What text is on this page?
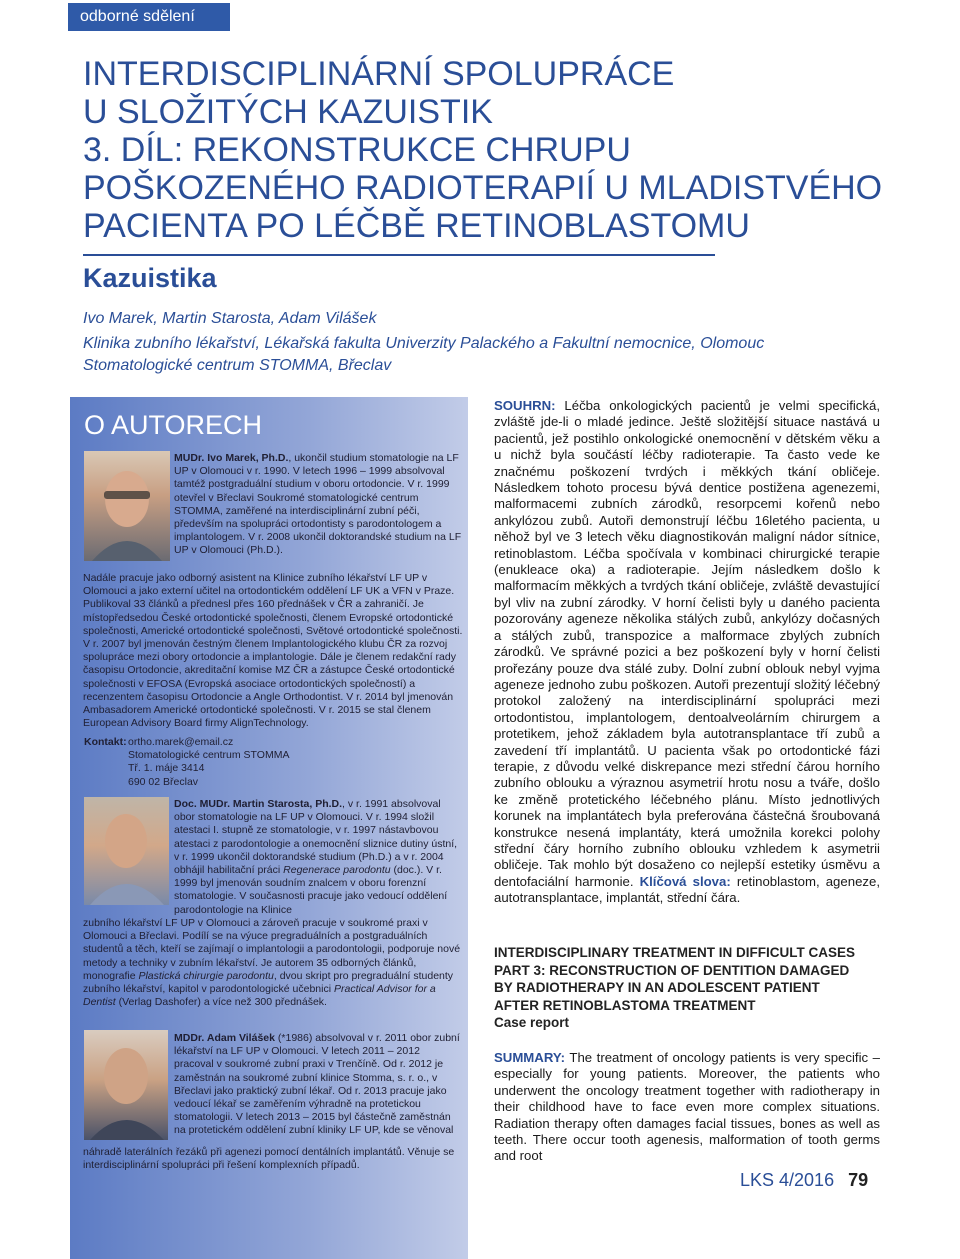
odborné sdělení
INTERDISCIPLINÁRNÍ SPOLUPRÁCE
U SLOŽITÝCH KAZUISTIK
3. DÍL: REKONSTRUKCE CHRUPU
POŠKOZENÉHO RADIOTERAPIÍ U MLADISTVÉHO
PACIENTA PO LÉČBĚ RETINOBLASTOMU
Kazuistika
Ivo Marek, Martin Starosta, Adam Vilášek
Klinika zubního lékařství, Lékařská fakulta Univerzity Palackého a Fakultní nemocnice, Olomouc
Stomatologické centrum STOMMA, Břeclav
O AUTORECH
MUDr. Ivo Marek, Ph.D., ukončil studium stomatologie na LF UP v Olomouci v r. 1990. V letech 1996 – 1999 absolvoval tamtéž postgraduální studium v oboru ortodoncie. V r. 1999 otevřel v Břeclavi Soukromé stomatologické centrum STOMMA, zaměřené na interdisciplinární zubní péči, především na spolupráci ortodontisty s parodontologem a implantologem. V r. 2008 ukončil doktorandské studium na LF UP v Olomouci (Ph.D.).
Nadále pracuje jako odborný asistent na Klinice zubního lékařství LF UP v Olomouci a jako externí učitel na ortodontickém oddělení LF UK a VFN v Praze. Publikoval 33 článků a přednesl přes 160 přednášek v ČR a zahraničí. Je místopředsedou České ortodontické společnosti, členem Evropské ortodontické společnosti, Americké ortodontické společnosti, Světové ortodontické společnosti. V r. 2007 byl jmenován čestným členem Implantologického klubu ČR za rozvoj spolupráce mezi obory ortodoncie a implantologie. Dále je členem redakční rady časopisu Ortodoncie, akreditační komise MZ ČR a zástupce České ortodontické společnosti v EFOSA (Evropská asociace ortodontických společností) a recenzentem časopisu Ortodoncie a Angle Orthodontist. V r. 2014 byl jmenován Ambasadorem Americké ortodontické společnosti. V r. 2015 se stal členem European Advisory Board firmy AlignTechnology.
Kontakt:ortho.marek@email.cz
Stomatologické centrum STOMMA
Tř. 1. máje 3414
690 02 Břeclav
Doc. MUDr. Martin Starosta, Ph.D., v r. 1991 absolvoval obor stomatologie na LF UP v Olomouci. V r. 1994 složil atestaci I. stupně ze stomatologie, v r. 1997 nástavbovou atestaci z parodontologie a onemocnění sliznice dutiny ústní, v r. 1999 ukončil doktorandské studium (Ph.D.) a v r. 2004 obhájil habilitační práci Regenerace parodontu (doc.). V r. 1999 byl jmenován soudním znalcem v oboru forenzní stomatologie. V současnosti pracuje jako vedoucí oddělení parodontologie na Klinice
zubního lékařství LF UP v Olomouci a zároveň pracuje v soukromé praxi v Olomouci a Břeclavi. Podílí se na výuce pregraduálních a postgraduálních studentů a těch, kteří se zajímají o implantologii a parodontologii, podporuje nové metody a techniky v zubním lékařství. Je autorem 35 odborných článků, monografie Plastická chirurgie parodontu, dvou skript pro pregraduální studenty zubního lékařství, kapitol v parodontologické učebnici Practical Advisor for a Dentist (Verlag Dashofer) a více než 300 přednášek.
MDDr. Adam Vilášek (*1986) absolvoval v r. 2011 obor zubní lékařství na LF UP v Olomouci. V letech 2011 – 2012 pracoval v soukromé zubní praxi v Trenčíně. Od r. 2012 je zaměstnán na soukromé zubní klinice Stomma, s. r. o., v Břeclavi jako praktický zubní lékař. Od r. 2013 pracuje jako vedoucí lékař se zaměřením výhradně na protetickou stomatologii. V letech 2013 – 2015 byl částečně zaměstnán na protetickém oddělení zubní kliniky LF UP, kde se věnoval
náhradě laterálních řezáků při agenezi pomocí dentálních implantátů. Věnuje se interdisciplinární spolupráci při řešení komplexních případů.
SOUHRN: Léčba onkologických pacientů je velmi specifická, zvláště jde-li o mladé jedince. Ještě složitější situace nastává u pacientů, jež postihlo onkologické onemocnění v dětském věku a u nichž byla součástí léčby radioterapie. Ta často vede ke značnému poškození tvrdých i měkkých tkání obličeje. Následkem tohoto procesu bývá dentice postižena agenezemi, malformacemi zubních zárodků, resorpcemi kořenů nebo ankylózou zubů. Autoři demonstrují léčbu 16letého pacienta, u něhož byl ve 3 letech věku diagnostikován maligní nádor sítnice, retinoblastom. Léčba spočívala v kombinaci chirurgické terapie (enukleace oka) a radioterapie. Jejím následkem došlo k malformacím měkkých a tvrdých tkání obličeje, zvláště devastující byl vliv na zubní zárodky. V horní čelisti byly u daného pacienta pozorovány ageneze několika stálých zubů, ankylózy dočasných a stálých zubů, transpozice a malformace zbylých zubních zárodků. Ve správné pozici a bez poškození byly v horní čelisti prořezány pouze dva stálé zuby. Dolní zubní oblouk nebyl vyjma ageneze jednoho zubu poškozen. Autoři prezentují složitý léčebný protokol založený na interdisciplinární spolupráci mezi ortodontistou, implantologem, dentoalveolárním chirurgem a protetikem, jehož základem byla autotransplantace tří zubů a zavedení tří implantátů. U pacienta však po ortodontické fázi terapie, z důvodu velké diskrepance mezi střední čárou horního zubního oblouku a výraznou asymetrií hrotu nosu a tváře, došlo ke změně protetického léčebného plánu. Místo jednotlivých korunek na implantátech byla preferována částečná šroubovaná konstrukce nesená implantáty, která umožnila korekci polohy střední čáry horního zubního oblouku vzhledem k asymetrii obličeje. Tak mohlo být dosaženo co nejlepší estetiky úsměvu a dentofaciální harmonie. Klíčová slova: retinoblastom, ageneze, autotransplantace, implantát, střední čára.
INTERDISCIPLINARY TREATMENT IN DIFFICULT CASES
PART 3: RECONSTRUCTION OF DENTITION DAMAGED
BY RADIOTHERAPY IN AN ADOLESCENT PATIENT
AFTER RETINOBLASTOMA TREATMENT
Case report
SUMMARY: The treatment of oncology patients is very specific – especially for young patients. Moreover, the patients who underwent the oncology treatment together with radiotherapy in their childhood have to face even more complex situations. Radiation therapy often damages facial tissues, bones as well as teeth. There occur tooth agenesis, malformation of tooth germs and root
LKS 4/2016 79
